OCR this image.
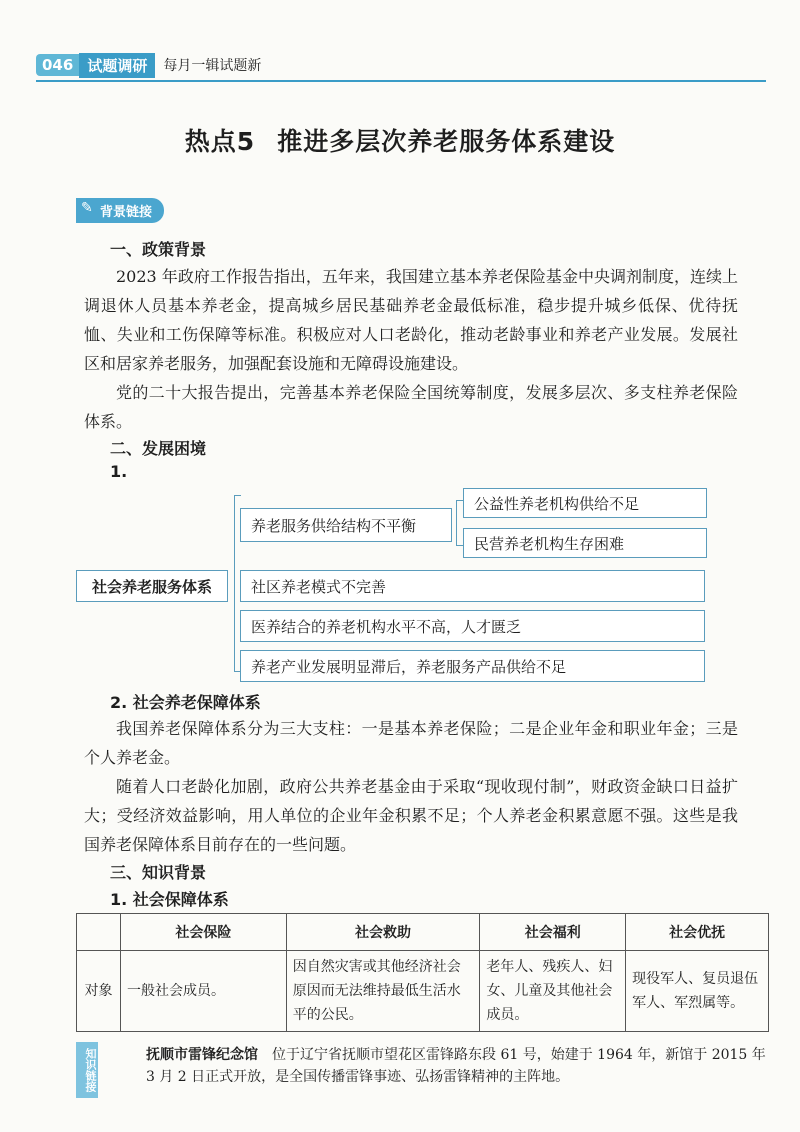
046 试题调研	每月一辑试题新
热点5 推进多层次养老服务体系建设
✎ 背景链接
一、政策背景
2023 年政府工作报告指出，五年来，我国建立基本养老保险基金中央调剂制度，连续上调退休人员基本养老金，提高城乡居民基础养老金最低标准，稳步提升城乡低保、优待抚恤、失业和工伤保障等标准。积极应对人口老龄化，推动老龄事业和养老产业发展。发展社区和居家养老服务，加强配套设施和无障碍设施建设。
党的二十大报告提出，完善基本养老保险全国统筹制度，发展多层次、多支柱养老保险体系。
二、发展困境
1.
社会养老服务体系
养老服务供给结构不平衡
公益性养老机构供给不足
民营养老机构生存困难
社区养老模式不完善
医养结合的养老机构水平不高，人才匮乏
养老产业发展明显滞后，养老服务产品供给不足
2. 社会养老保障体系
我国养老保障体系分为三大支柱：一是基本养老保险；二是企业年金和职业年金；三是个人养老金。
随着人口老龄化加剧，政府公共养老基金由于采取“现收现付制”，财政资金缺口日益扩大；受经济效益影响，用人单位的企业年金积累不足；个人养老金积累意愿不强。这些是我国养老保障体系目前存在的一些问题。
三、知识背景
1. 社会保障体系
	社会保险	社会救助	社会福利	社会优抚
对象	一般社会成员。	因自然灾害或其他经济社会原因而无法维持最低生活水平的公民。	老年人、残疾人、妇女、儿童及其他社会成员。	现役军人、复员退伍军人、军烈属等。
知识链接	抚顺市雷锋纪念馆　 位于辽宁省抚顺市望花区雷锋路东段 61 号，始建于 1964 年，新馆于 2015 年 3 月 2 日正式开放，是全国传播雷锋事迹、弘扬雷锋精神的主阵地。
